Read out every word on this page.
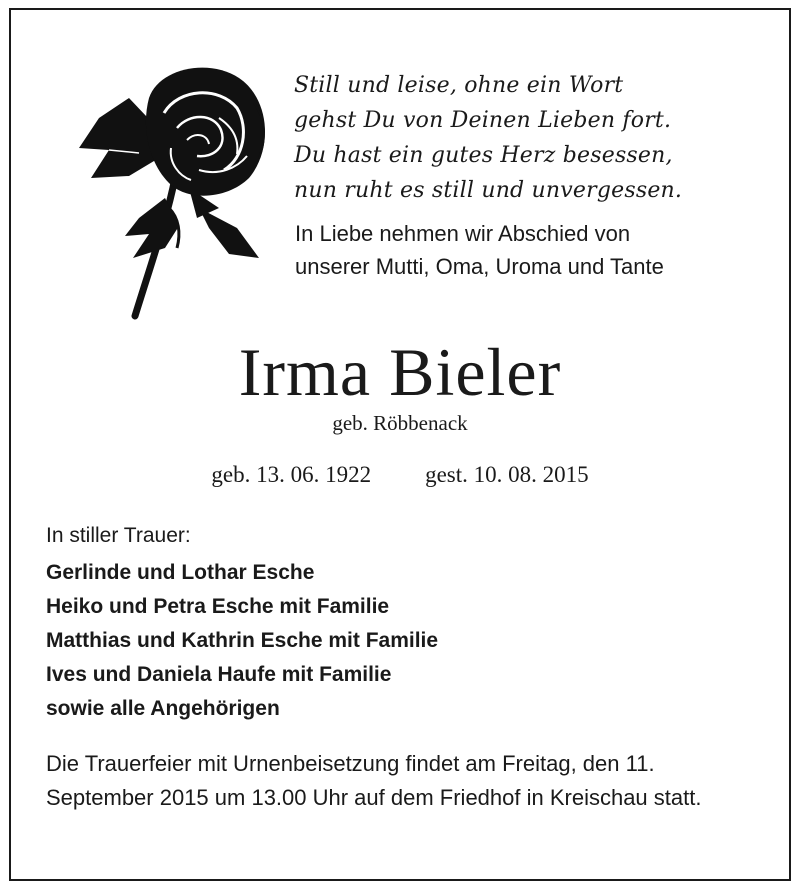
Still und leise, ohne ein Wort
gehst Du von Deinen Lieben fort.
Du hast ein gutes Herz besessen,
nun ruht es still und unvergessen.
In Liebe nehmen wir Abschied von
unserer Mutti, Oma, Uroma und Tante
Irma Bieler
geb. Röbbenack
geb. 13. 06. 1922 gest. 10. 08. 2015
In stiller Trauer:
Gerlinde und Lothar Esche
Heiko und Petra Esche mit Familie
Matthias und Kathrin Esche mit Familie
Ives und Daniela Haufe mit Familie
sowie alle Angehörigen
Die Trauerfeier mit Urnenbeisetzung findet am Freitag, den 11. September 2015 um 13.00 Uhr auf dem Friedhof in Kreischau statt.
